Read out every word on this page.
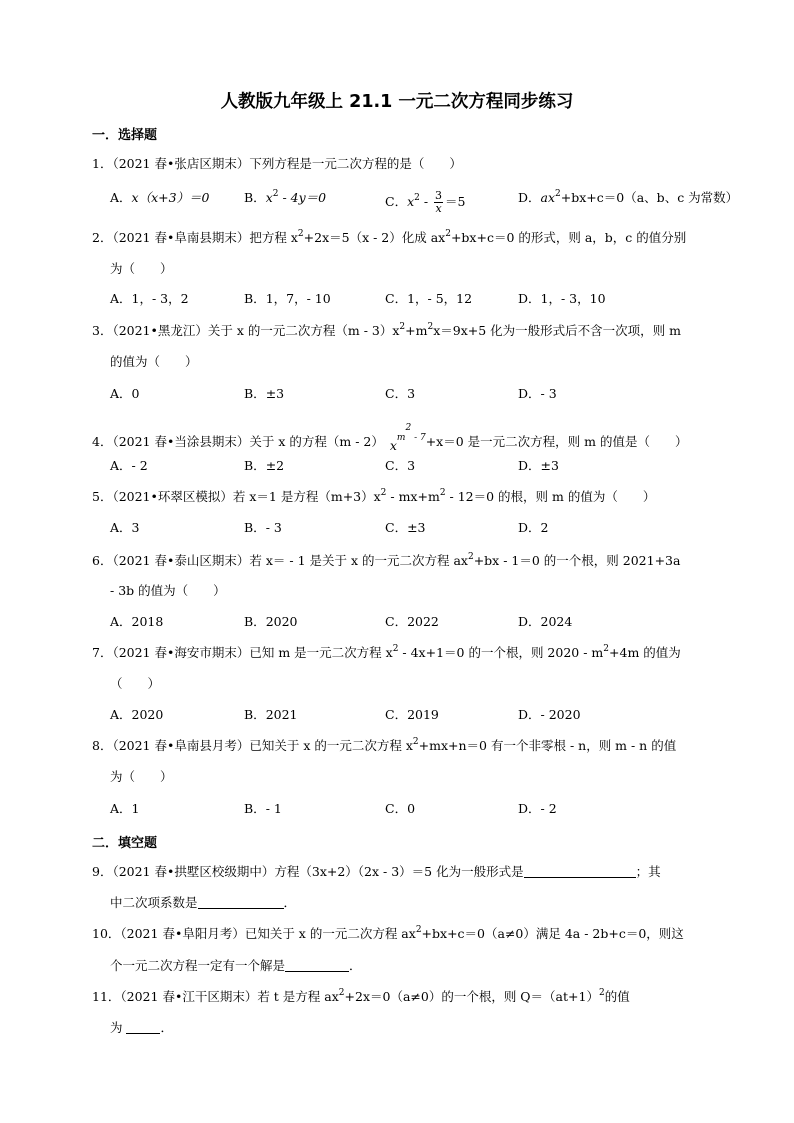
人教版九年级上 21.1 一元二次方程同步练习
一．选择题
1．（2021 春•张店区期末）下列方程是一元二次方程的是（　　）
A．x（x+3）＝0	B．$x^2 - 4y=0$	C．$x^2 - \frac{3}{x} =5$	D．$ax^2+bx+c=0(a$、b、c 为常数）
2．（2021 春•阜南县期末）把方程 $x^2+2x=5(x - 2)$化成 $ax^2+bx+c=0$ 的形式，则 a，b，c 的值分别
为（　　）
A．1，- 3，2	B．1，7，- 10	C．1，- 5，12	D．1，- 3，10
3．（2021•黑龙江）关于 x 的一元二次方程$(m - 3)x^2+m^2x=9x+5$ 化为一般形式后不含一次项，则 m
的值为（　　）
A．0	B．±3	C．3	D．- 3
4．（2021 春•当涂县期末）关于 x 的方程（m - 2） $x^{m^2 - 7}+x=0$ 是一元二次方程，则 m 的值是（　　）
A．- 2	B．±2	C．3	D．±3
5．（2021•环翠区模拟）若 x＝1 是方程$(m+3)x^2 - mx+m^2 - 12=0$ 的根，则 m 的值为（　　）
A．3	B．- 3	C．±3	D．2
6．（2021 春•泰山区期末）若 x＝ - 1 是关于 x 的一元二次方程 $ax^2+bx - 1=0$ 的一个根，则 2021+3a
- 3b 的值为（　　）
A．2018	B．2020	C．2022	D．2024
7．（2021 春•海安市期末）已知 m 是一元二次方程 $x^2 - 4x+1=0$ 的一个根，则 $2020 - m^2+4m$ 的值为
（　　）
A．2020	B．2021	C．2019	D．- 2020
8．（2021 春•阜南县月考）已知关于 x 的一元二次方程 $x^2+mx+n=0$ 有一个非零根 - n，则 m - n 的值
为（　　）
A．1	B．- 1	C．0	D．- 2
二．填空题
9．（2021 春•拱墅区校级期中）方程（3x+2）（2x - 3）＝5 化为一般形式是	；其
中二次项系数是	．
10．（2021 春•阜阳月考）已知关于 x 的一元二次方程 $ax^2+bx+c=0(a\ne 0)$满足 4a - 2b+c＝0，则这
个一元二次方程一定有一个解是	．
11．（2021 春•江干区期末）若 t 是方程 $ax^2+2x=0(a\ne 0)$的一个根，则 $Q=(at+1)^2$的值
为	．
